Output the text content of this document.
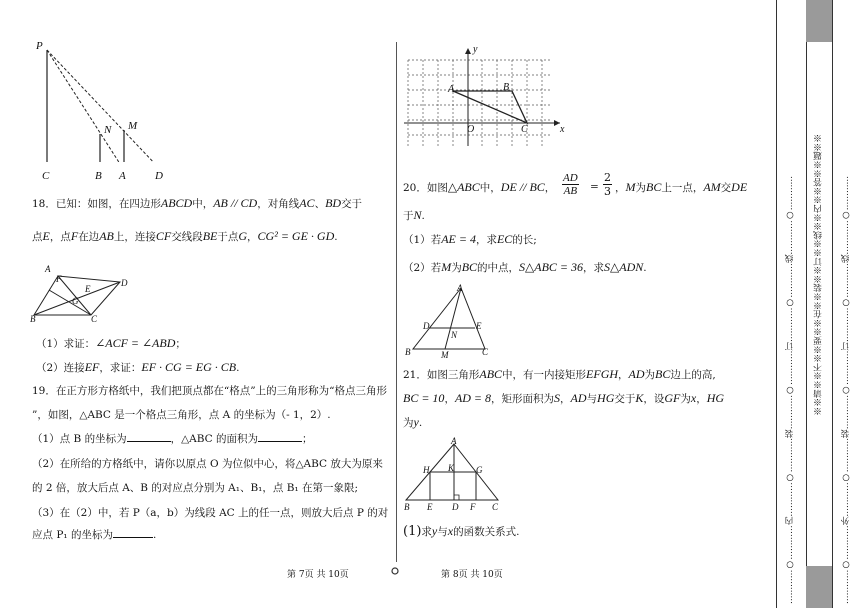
P
N M
C	B A	D
18．已知：如图，在四边形ABCD中，AB // CD，对角线AC、BD交于
点E，点F在边AB上，连接CF交线段BE于点G，CG² = GE · GD.
F
A
D
E
G
B	C
（1）求证：∠ACF = ∠ABD；
（2）连接EF，求证：EF · CG = EG · CB.
19．在正方形方格纸中，我们把顶点都在“格点”上的三角形称为“格点三角形
”，如图，△ABC 是一个格点三角形，点 A 的坐标为（- 1，2）.
（1）点 B 的坐标为	，△ABC 的面积为	；
（2）在所给的方格纸中，请你以原点 O 为位似中心，将△ABC 放大为原来
的 2 倍，放大后点 A、B 的对应点分别为 A₁、B₁，点 B₁ 在第一象限;
（3）在（2）中，若 P（a，b）为线段 AC 上的任一点，则放大后点 P 的对
应点 P₁ 的坐标为	.
第 7页 共 10页
y
x
A	B
O	C
20．如图△ABC中，DE // BC，
AD
AB =
2
3 ，M为BC上一点，AM交DE
于N.
（1）若AE = 4，求EC的长;
（2）若M为BC的中点，S△ABC = 36，求S△ADN.
A
D	E
N
B	M	C
21．如图三角形ABC中，有一内接矩形EFGH，AD为BC边上的高,
BC = 10，AD = 8，矩形面积为S，AD与HG交于K，设GF为x，HG
为y.
A
H K G
B E D F C
(1)求y与x的函数关系式.
第 8页 共 10页	…………○…………内…………○…………装…………○…………订…………○…………线…………○………… ※※请※※不※※要※※在※※装※※订※※线※※内※※答※※题※※ …………○…………外…………○…………装…………○…………订…………○…………线…………○…………
